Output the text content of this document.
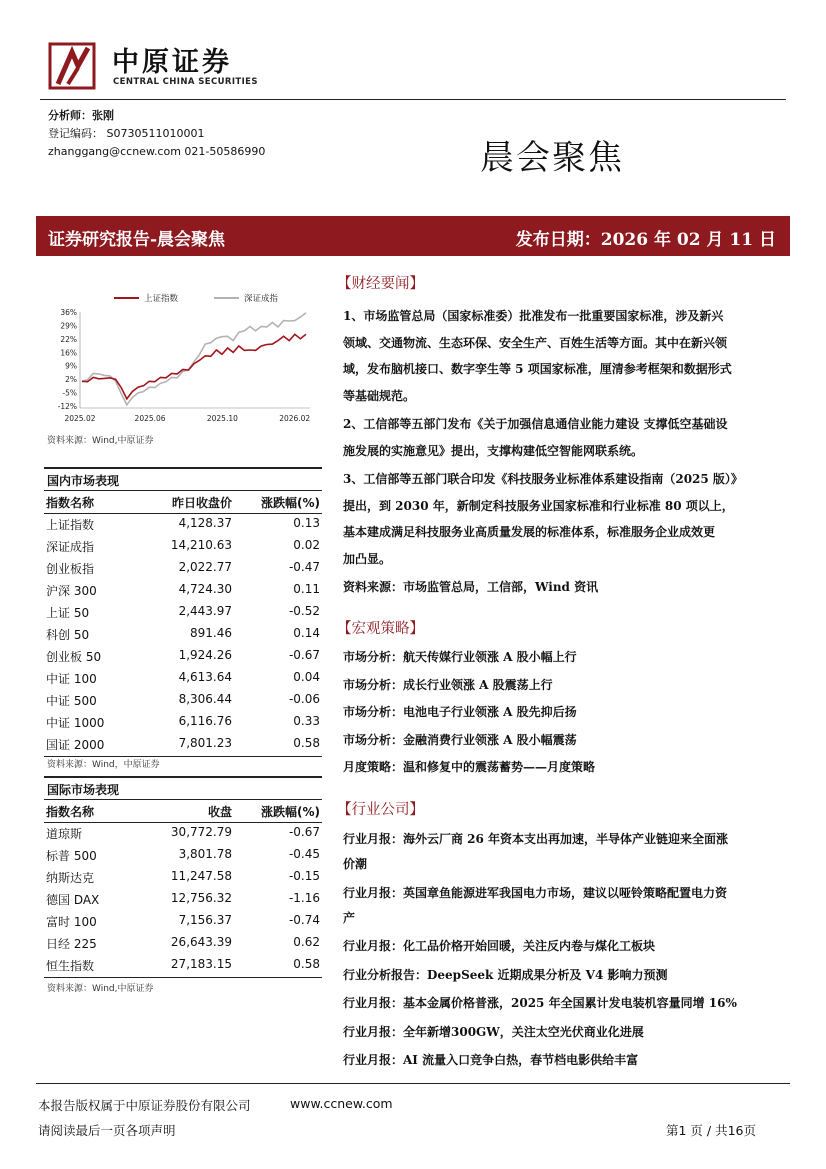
中原证券
CENTRAL CHINA SECURITIES
分析师：张刚
登记编码： S0730511010001
zhanggang@ccnew.com 021-50586990	晨会聚焦
证券研究报告-晨会聚焦	发布日期：2026 年 02 月 11 日
上证指数	深证成指
36%
29%
22%
16%
9%
2%
-5%
-12%
2025.02	2025.06	2025.10	2026.02
资料来源：Wind,中原证券
国内市场表现
指数名称	昨日收盘价 涨跌幅(%)
上证指数	4,128.37	0.13
深证成指	14,210.63	0.02
创业板指	2,022.77	-0.47
沪深 300	4,724.30	0.11
上证 50	2,443.97	-0.52
科创 50	891.46	0.14
创业板 50	1,924.26	-0.67
中证 100	4,613.64	0.04
中证 500	8,306.44	-0.06
中证 1000	6,116.76	0.33
国证 2000	7,801.23	0.58
资料来源：Wind，中原证券
国际市场表现
指数名称	收盘 涨跌幅(%)
道琼斯	30,772.79	-0.67
标普 500	3,801.78	-0.45
纳斯达克	11,247.58	-0.15
德国 DAX	12,756.32	-1.16
富时 100	7,156.37	-0.74
日经 225	26,643.39	0.62
恒生指数	27,183.15	0.58
资料来源：Wind,中原证券
【财经要闻】
1、市场监管总局（国家标准委）批准发布一批重要国家标准，涉及新兴
领域、交通物流、生态环保、安全生产、百姓生活等方面。其中在新兴领
域，发布脑机接口、数字孪生等 5 项国家标准，厘清参考框架和数据形式
等基础规范。
2、工信部等五部门发布《关于加强信息通信业能力建设 支撑低空基础设
施发展的实施意见》提出，支撑构建低空智能网联系统。
3、工信部等五部门联合印发《科技服务业标准体系建设指南（2025 版）》
提出，到 2030 年，新制定科技服务业国家标准和行业标准 80 项以上，
基本建成满足科技服务业高质量发展的标准体系，标准服务企业成效更
加凸显。
资料来源：市场监管总局，工信部，Wind 资讯
【宏观策略】
市场分析：航天传媒行业领涨 A 股小幅上行
市场分析：成长行业领涨 A 股震荡上行
市场分析：电池电子行业领涨 A 股先抑后扬
市场分析：金融消费行业领涨 A 股小幅震荡
月度策略：温和修复中的震荡蓄势——月度策略
【行业公司】
行业月报：海外云厂商 26 年资本支出再加速，半导体产业链迎来全面涨
价潮
行业月报：英国章鱼能源进军我国电力市场，建议以哑铃策略配置电力资
产
行业月报：化工品价格开始回暖，关注反内卷与煤化工板块
行业分析报告：DeepSeek 近期成果分析及 V4 影响力预测
行业月报：基本金属价格普涨，2025 年全国累计发电装机容量同增 16%
行业月报：全年新增300GW，关注太空光伏商业化进展
行业月报：AI 流量入口竞争白热，春节档电影供给丰富
本报告版权属于中原证券股份有限公司	www.ccnew.com
请阅读最后一页各项声明	第1 页 / 共16页
